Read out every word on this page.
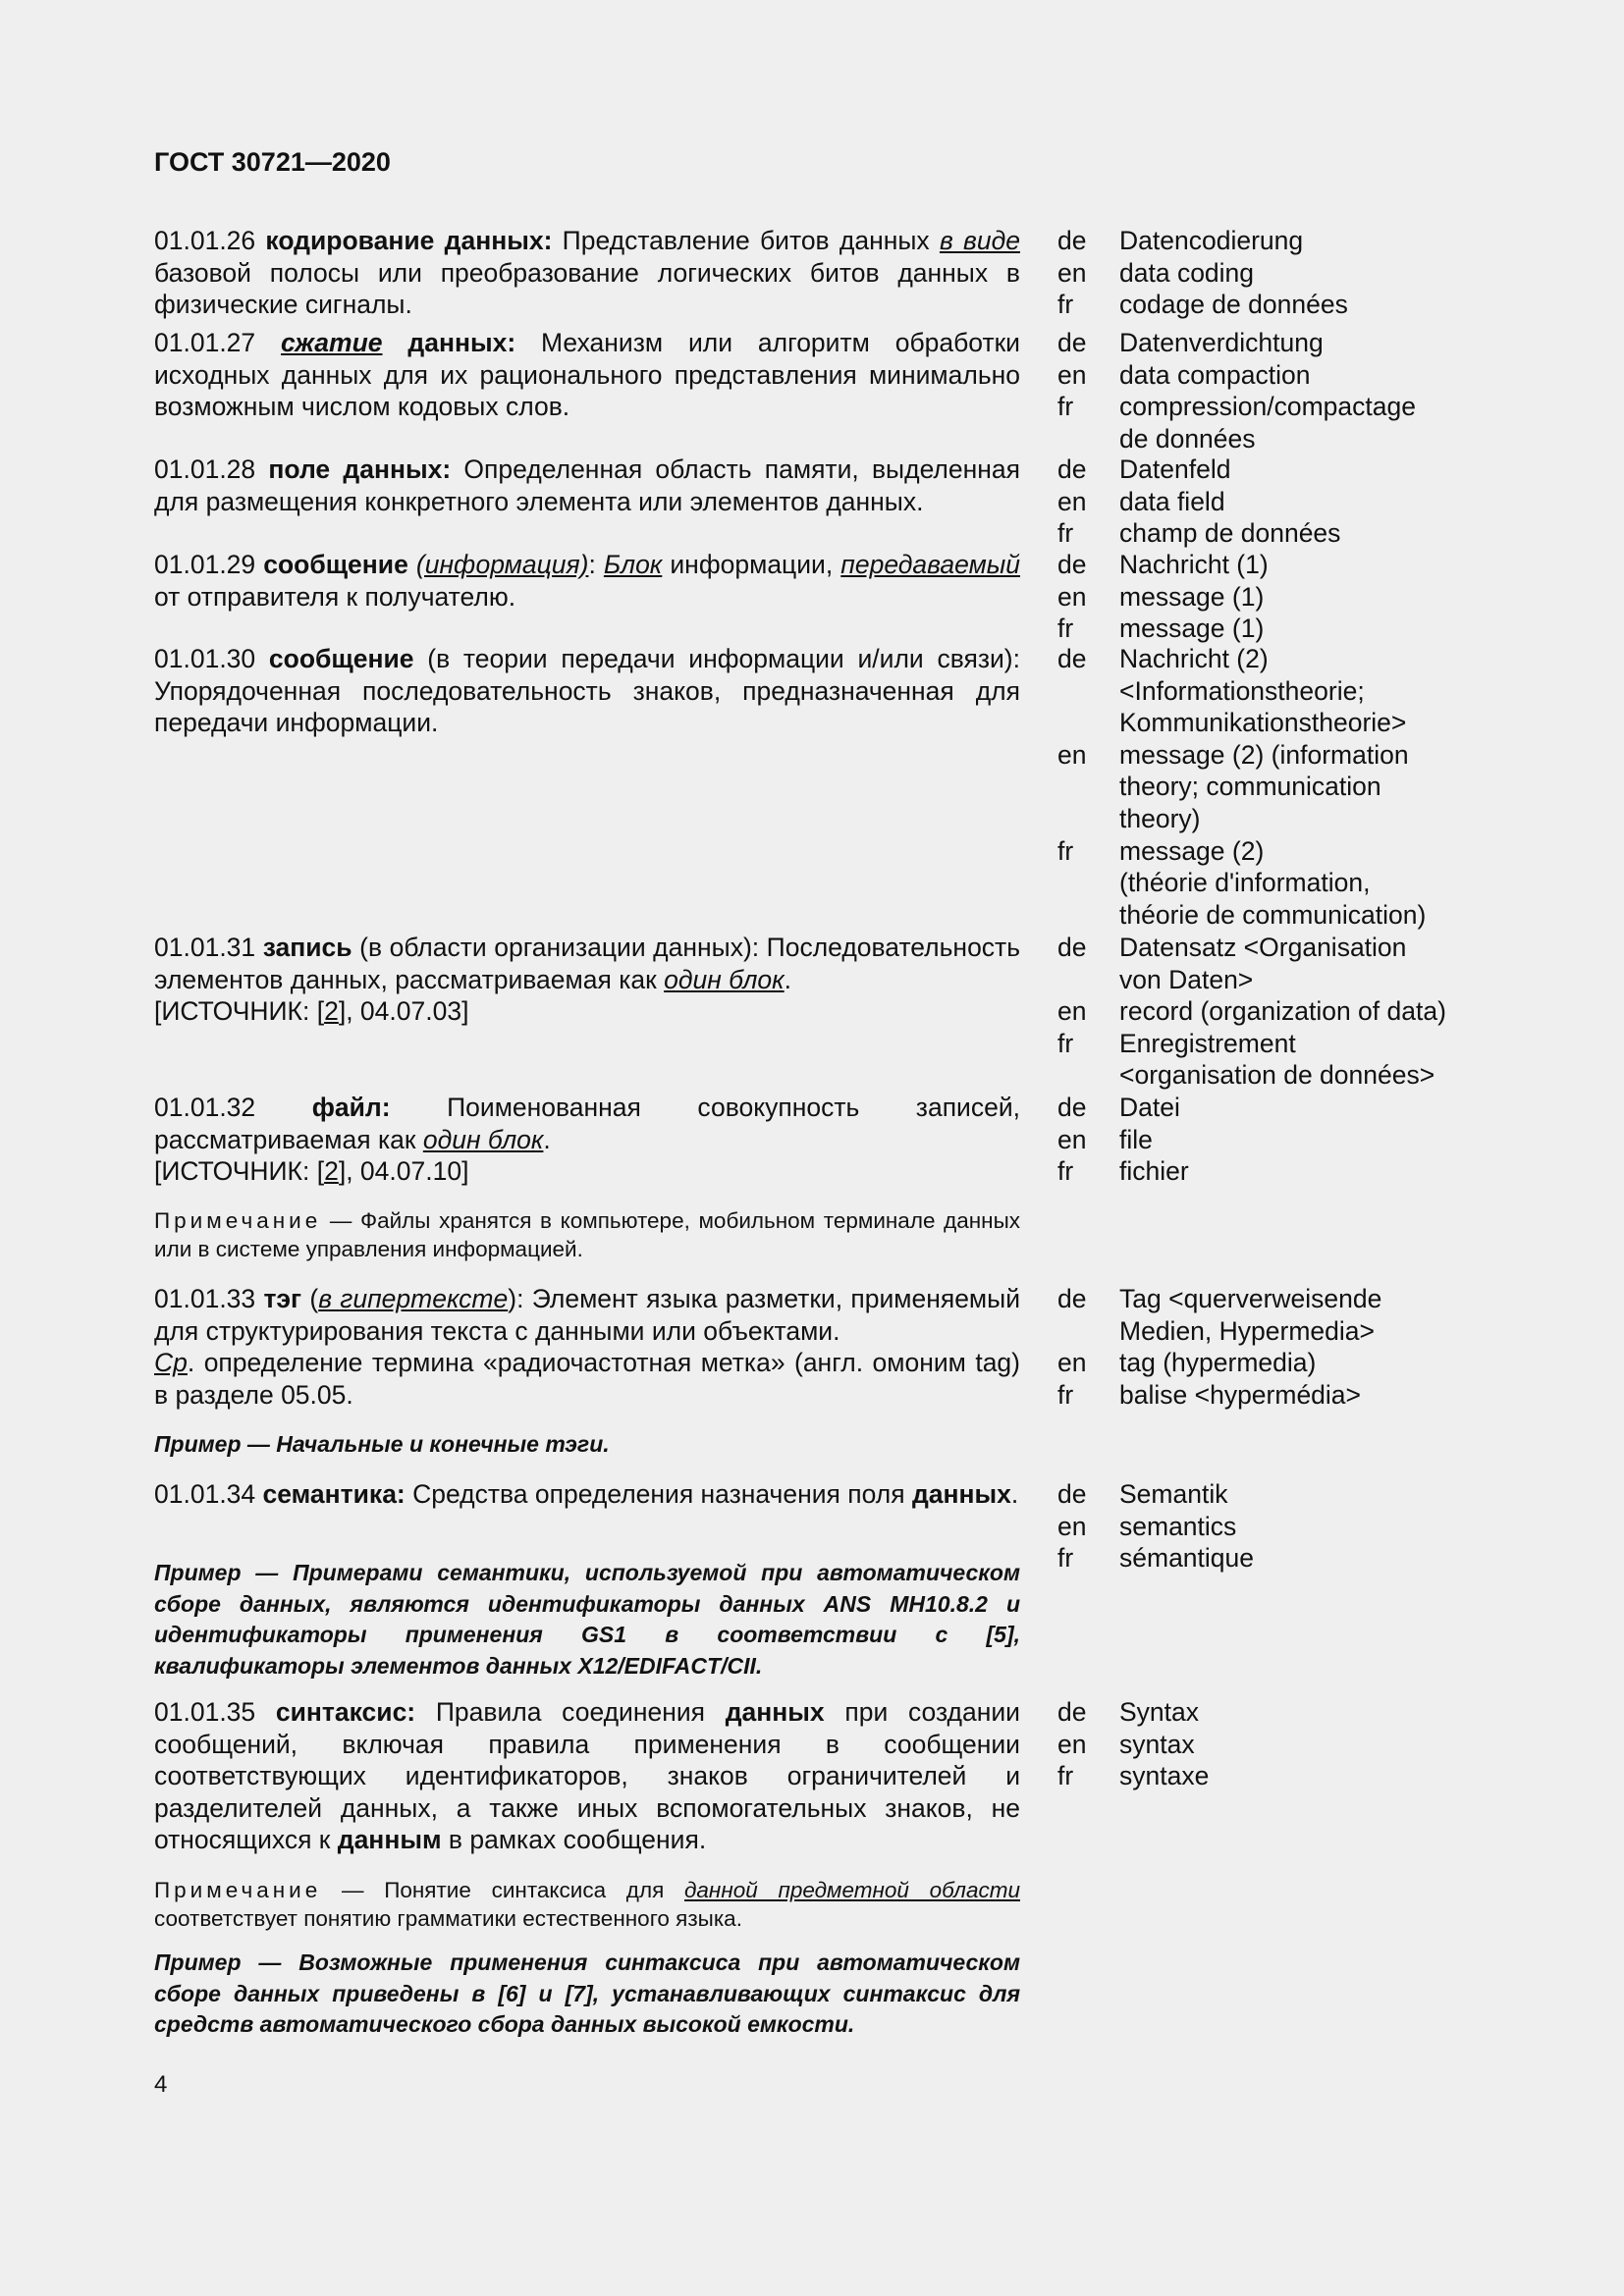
ГОСТ 30721—2020
01.01.26 кодирование данных: Представление битов данных в виде базовой полосы или преобразование логических битов данных в физические сигналы.
de	Datencodierung
en	data coding
fr	codage de données
01.01.27 сжатие данных: Механизм или алгоритм обработки исходных данных для их рационального представления минимально возможным числом кодовых слов.
de	Datenverdichtung
en	data compaction
fr	compression/compactage
de données
01.01.28 поле данных: Определенная область памяти, выделенная для размещения конкретного элемента или элементов данных.
de	Datenfeld
en	data field
fr	champ de données
01.01.29 сообщение (информация): Блок информации, передаваемый от отправителя к получателю.
de	Nachricht (1)
en	message (1)
fr	message (1)
01.01.30 сообщение (в теории передачи информации и/или связи): Упорядоченная последовательность знаков, предназначенная для передачи информации.
de	Nachricht (2)
<Informationstheorie;
Kommunikationstheorie>
en	message (2) (information
theory; communication
theory)
fr	message (2)
(théorie d'information,
théorie de communication)
01.01.31 запись (в области организации данных): Последовательность элементов данных, рассматриваемая как один блок.
[ИСТОЧНИК: [2], 04.07.03]
de	Datensatz <Organisation
von Daten>
en	record (organization of data)
fr	Enregistrement
<organisation de données>
01.01.32 файл: Поименованная совокупность записей, рассматриваемая как один блок.
[ИСТОЧНИК: [2], 04.07.10]
de	Datei
en	file
fr	fichier
Примечание — Файлы хранятся в компьютере, мобильном терминале данных или в системе управления информацией.
01.01.33 тэг (в гипертексте): Элемент языка разметки, применяемый для структурирования текста с данными или объектами.
Ср. определение термина «радиочастотная метка» (англ. омоним tag) в разделе 05.05.
de	Tag <querverweisende
Medien, Hypermedia>
en	tag (hypermedia)
fr	balise <hypermédia>
Пример — Начальные и конечные тэги.
01.01.34 семантика: Средства определения назначения поля данных. de	Semantik
en	semantics
fr	sémantique
Пример — Примерами семантики, используемой при автоматическом сборе данных, являются идентификаторы данных ANS MH10.8.2 и идентификаторы применения GS1 в соответствии с [5], квалификаторы элементов данных X12/EDIFACT/CII.
01.01.35 синтаксис: Правила соединения данных при создании сообщений, включая правила применения в сообщении соответствующих идентификаторов, знаков ограничителей и разделителей данных, а также иных вспомогательных знаков, не относящихся к данным в рамках сообщения.
de	Syntax
en	syntax
fr	syntaxe
Примечание — Понятие синтаксиса для данной предметной области соответствует понятию грамматики естественного языка.
Пример — Возможные применения синтаксиса при автоматическом сборе данных приведены в [6] и [7], устанавливающих синтаксис для средств автоматического сбора данных высокой емкости.
4
